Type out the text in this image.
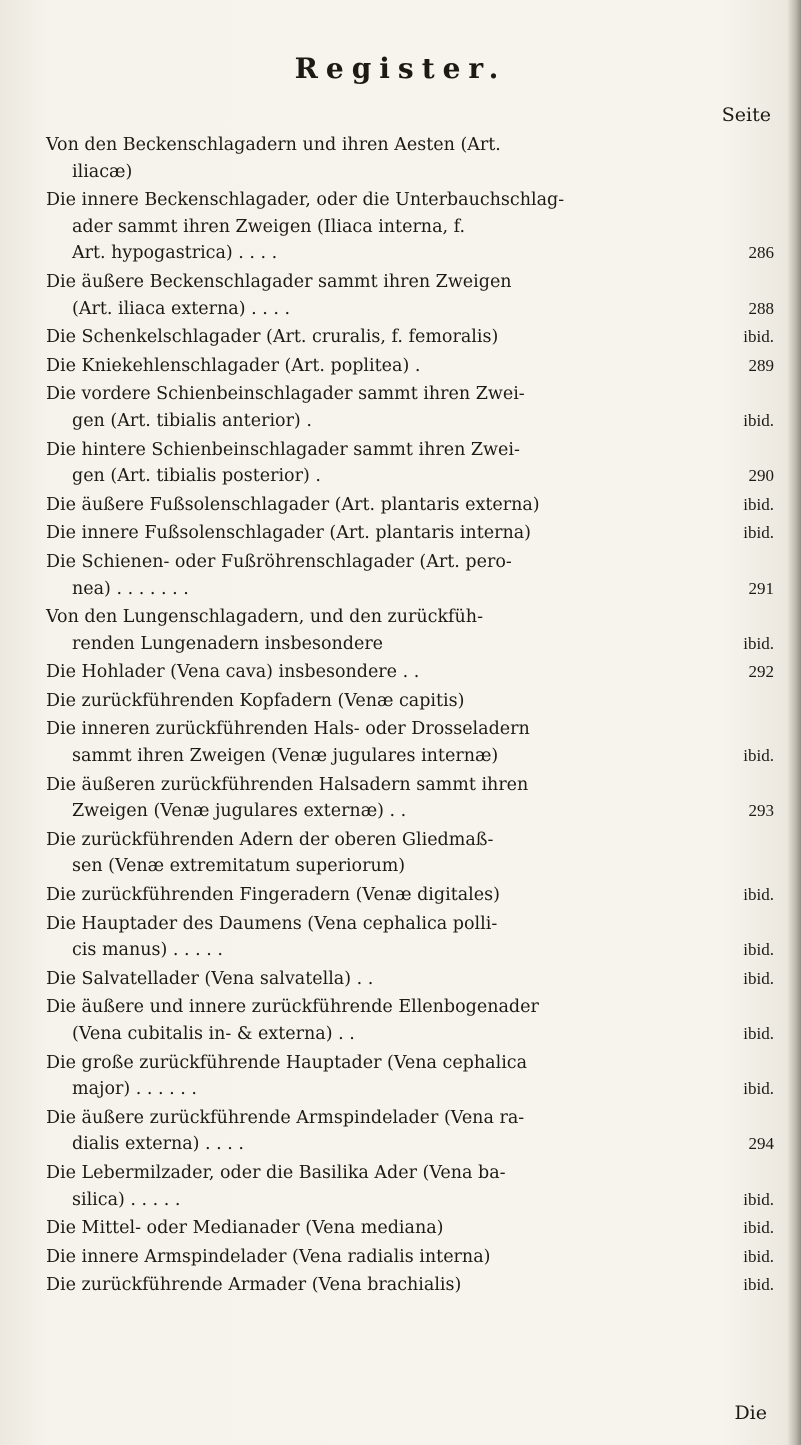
Register.
Seite
Von den Beckenschlagadern und ihren Aesten (Art.
iliacæ)
Die innere Beckenschlagader, oder die Unterbauchschlag-
ader sammt ihren Zweigen (Iliaca interna, f.
Art. hypogastrica) . . . .	286
Die äußere Beckenschlagader sammt ihren Zweigen
(Art. iliaca externa) . . . .	288
Die Schenkelschlagader (Art. cruralis, f. femoralis)	ibid.
Die Kniekehlenschlagader (Art. poplitea) .	289
Die vordere Schienbeinschlagader sammt ihren Zwei-
gen (Art. tibialis anterior) .	ibid.
Die hintere Schienbeinschlagader sammt ihren Zwei-
gen (Art. tibialis posterior) .	290
Die äußere Fußsolenschlagader (Art. plantaris externa)	ibid.
Die innere Fußsolenschlagader (Art. plantaris interna)	ibid.
Die Schienen- oder Fußröhrenschlagader (Art. pero-
nea) . . . . . . .	291
Von den Lungenschlagadern, und den zurückfüh-
renden Lungenadern insbesondere	ibid.
Die Hohlader (Vena cava) insbesondere . .	292
Die zurückführenden Kopfadern (Venæ capitis)
Die inneren zurückführenden Hals- oder Drosseladern
sammt ihren Zweigen (Venæ jugulares internæ)	ibid.
Die äußeren zurückführenden Halsadern sammt ihren
Zweigen (Venæ jugulares externæ) . .	293
Die zurückführenden Adern der oberen Gliedmaß-
sen (Venæ extremitatum superiorum)
Die zurückführenden Fingeradern (Venæ digitales)	ibid.
Die Hauptader des Daumens (Vena cephalica polli-
cis manus) . . . . .	ibid.
Die Salvatellader (Vena salvatella) . .	ibid.
Die äußere und innere zurückführende Ellenbogenader
(Vena cubitalis in- & externa) . .	ibid.
Die große zurückführende Hauptader (Vena cephalica
major) . . . . . .	ibid.
Die äußere zurückführende Armspindelader (Vena ra-
dialis externa) . . . .	294
Die Lebermilzader, oder die Basilika Ader (Vena ba-
silica) . . . . .	ibid.
Die Mittel- oder Medianader (Vena mediana)	ibid.
Die innere Armspindelader (Vena radialis interna)	ibid.
Die zurückführende Armader (Vena brachialis)	ibid.
Die
